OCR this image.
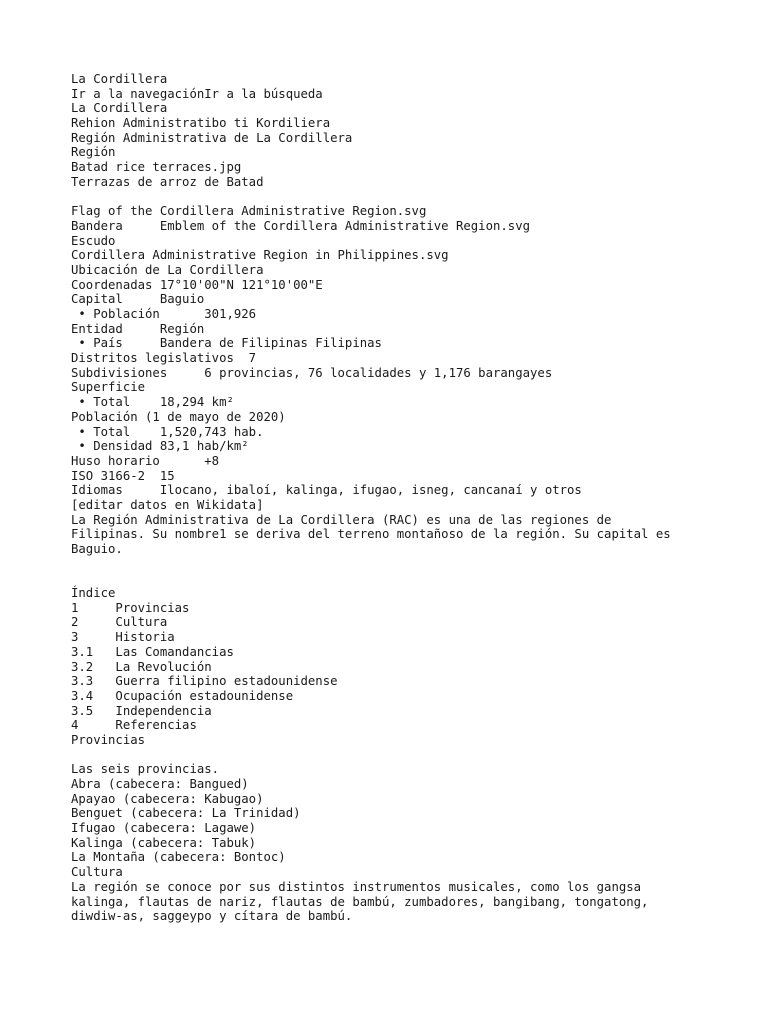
La Cordillera
Ir a la navegaciónIr a la búsqueda
La Cordillera
Rehion Administratibo ti Kordiliera
Región Administrativa de La Cordillera
Región
Batad rice terraces.jpg
Terrazas de arroz de Batad
Flag of the Cordillera Administrative Region.svg
Bandera     Emblem of the Cordillera Administrative Region.svg
Escudo
Cordillera Administrative Region in Philippines.svg
Ubicación de La Cordillera
Coordenadas 17°10'00"N 121°10'00"E
Capital     Baguio
• Población      301,926
Entidad     Región
• País     Bandera de Filipinas Filipinas
Distritos legislativos  7
Subdivisiones     6 provincias, 76 localidades y 1,176 barangayes
Superficie
• Total    18,294 km²
Población (1 de mayo de 2020)
• Total    1,520,743 hab.
• Densidad 83,1 hab/km²
Huso horario      +8
ISO 3166-2  15
Idiomas     Ilocano, ibaloí, kalinga, ifugao, isneg, cancanaí y otros
[editar datos en Wikidata]
La Región Administrativa de La Cordillera (RAC) es una de las regiones de
Filipinas. Su nombre1 se deriva del terreno montañoso de la región. Su capital es
Baguio.
Índice
1     Provincias
2     Cultura
3     Historia
3.1   Las Comandancias
3.2   La Revolución
3.3   Guerra filipino estadounidense
3.4   Ocupación estadounidense
3.5   Independencia
4     Referencias
Provincias
Las seis provincias.
Abra (cabecera: Bangued)
Apayao (cabecera: Kabugao)
Benguet (cabecera: La Trinidad)
Ifugao (cabecera: Lagawe)
Kalinga (cabecera: Tabuk)
La Montaña (cabecera: Bontoc)
Cultura
La región se conoce por sus distintos instrumentos musicales, como los gangsa
kalinga, flautas de nariz, flautas de bambú, zumbadores, bangibang, tongatong,
diwdiw-as, saggeypo y cítara de bambú.
